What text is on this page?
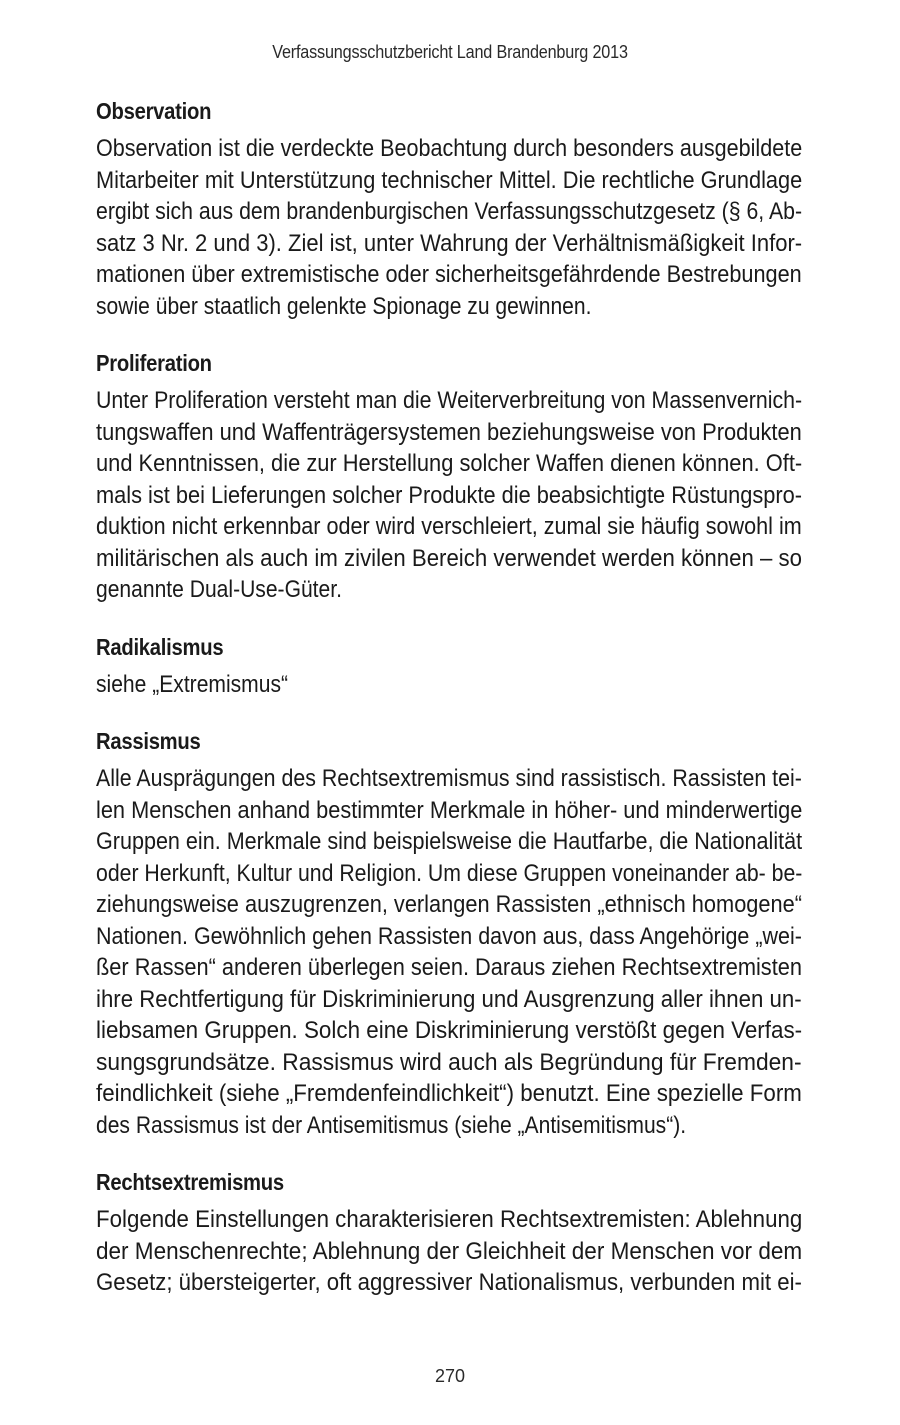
Verfassungsschutzbericht Land Brandenburg 2013
Observation
Observation ist die verdeckte Beobachtung durch besonders ausgebildete
Mitarbeiter mit Unterstützung technischer Mittel. Die rechtliche Grundlage
ergibt sich aus dem brandenburgischen Verfassungsschutzgesetz (§ 6, Ab-
satz 3 Nr. 2 und 3). Ziel ist, unter Wahrung der Verhältnismäßigkeit Infor-
mationen über extremistische oder sicherheitsgefährdende Bestrebungen
sowie über staatlich gelenkte Spionage zu gewinnen.
Proliferation
Unter Proliferation versteht man die Weiterverbreitung von Massenvernich-
tungswaffen und Waffenträgersystemen beziehungsweise von Produkten
und Kenntnissen, die zur Herstellung solcher Waffen dienen können. Oft-
mals ist bei Lieferungen solcher Produkte die beabsichtigte Rüstungspro-
duktion nicht erkennbar oder wird verschleiert, zumal sie häufig sowohl im
militärischen als auch im zivilen Bereich verwendet werden können – so
genannte Dual-Use-Güter.
Radikalismus
siehe „Extremismus“
Rassismus
Alle Ausprägungen des Rechtsextremismus sind rassistisch. Rassisten tei-
len Menschen anhand bestimmter Merkmale in höher- und minderwertige
Gruppen ein. Merkmale sind beispielsweise die Hautfarbe, die Nationalität
oder Herkunft, Kultur und Religion. Um diese Gruppen voneinander ab- be-
ziehungsweise auszugrenzen, verlangen Rassisten „ethnisch homogene“
Nationen. Gewöhnlich gehen Rassisten davon aus, dass Angehörige „wei-
ßer Rassen“ anderen überlegen seien. Daraus ziehen Rechtsextremisten
ihre Rechtfertigung für Diskriminierung und Ausgrenzung aller ihnen un-
liebsamen Gruppen. Solch eine Diskriminierung verstößt gegen Verfas-
sungsgrundsätze. Rassismus wird auch als Begründung für Fremden-
feindlichkeit (siehe „Fremdenfeindlichkeit“) benutzt. Eine spezielle Form
des Rassismus ist der Antisemitismus (siehe „Antisemitismus“).
Rechtsextremismus
Folgende Einstellungen charakterisieren Rechtsextremisten: Ablehnung
der Menschenrechte; Ablehnung der Gleichheit der Menschen vor dem
Gesetz; übersteigerter, oft aggressiver Nationalismus, verbunden mit ei-
270
